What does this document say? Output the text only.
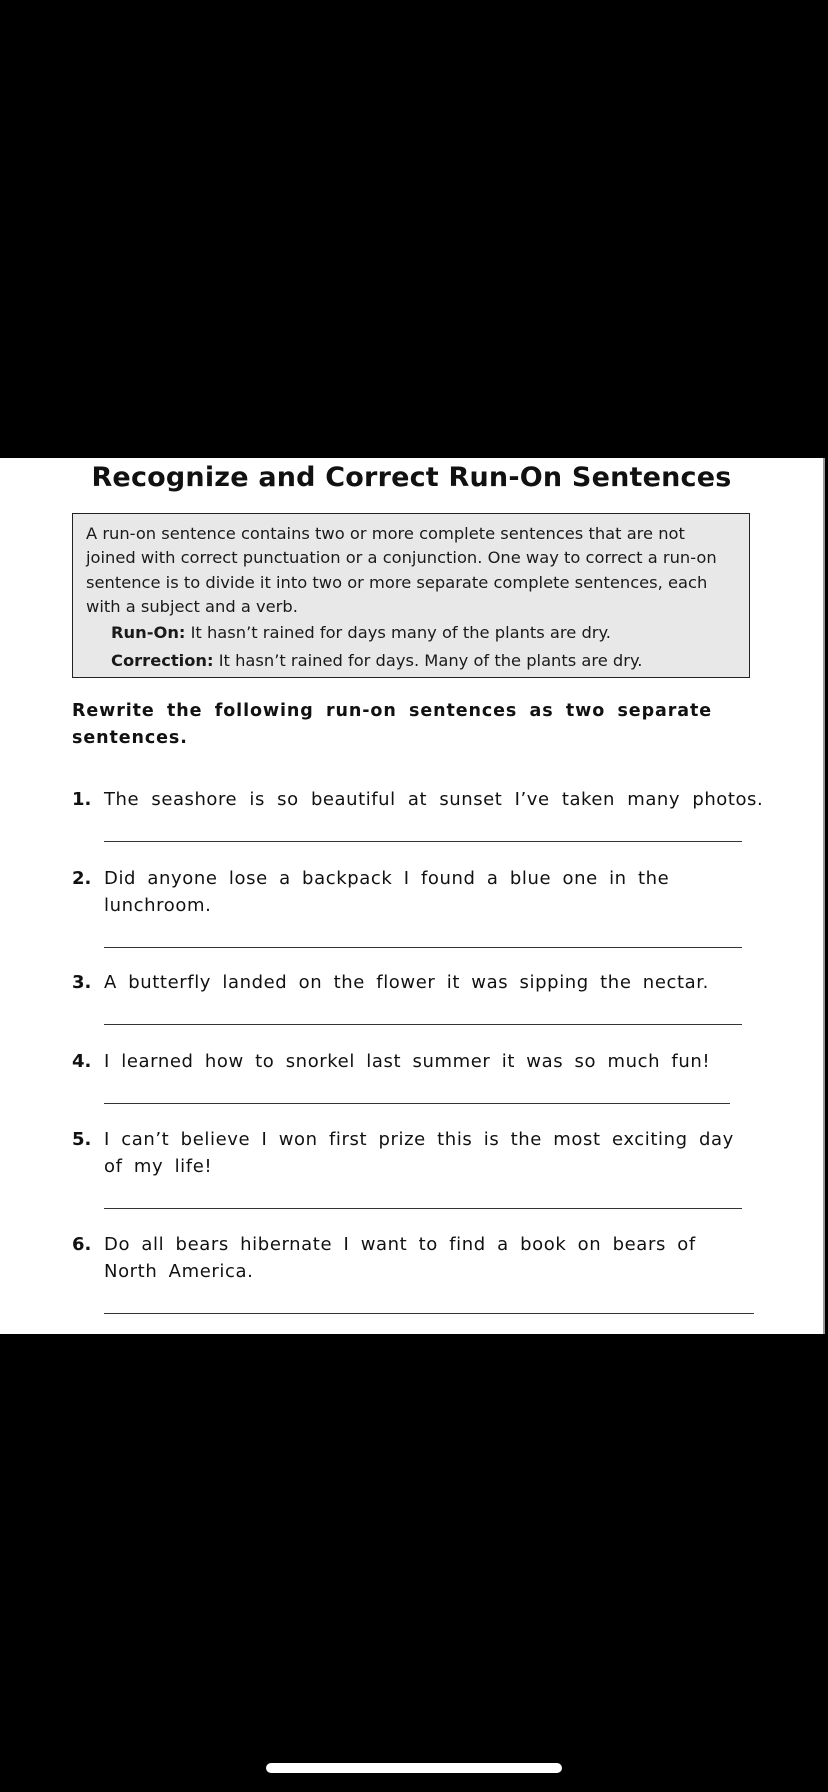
Recognize and Correct Run-On Sentences

A run-on sentence contains two or more complete sentences that are not joined with correct punctuation or a conjunction. One way to correct a run-on sentence is to divide it into two or more separate complete sentences, each with a subject and a verb.

Run-On: It hasn’t rained for days many of the plants are dry.

Correction: It hasn’t rained for days. Many of the plants are dry.

Rewrite the following run-on sentences as two separate sentences.

1. The seashore is so beautiful at sunset I’ve taken many photos.
2. Did anyone lose a backpack I found a blue one in the lunchroom.
3. A butterfly landed on the flower it was sipping the nectar.
4. I learned how to snorkel last summer it was so much fun!
5. I can’t believe I won first prize this is the most exciting day of my life!
6. Do all bears hibernate I want to find a book on bears of North America.
